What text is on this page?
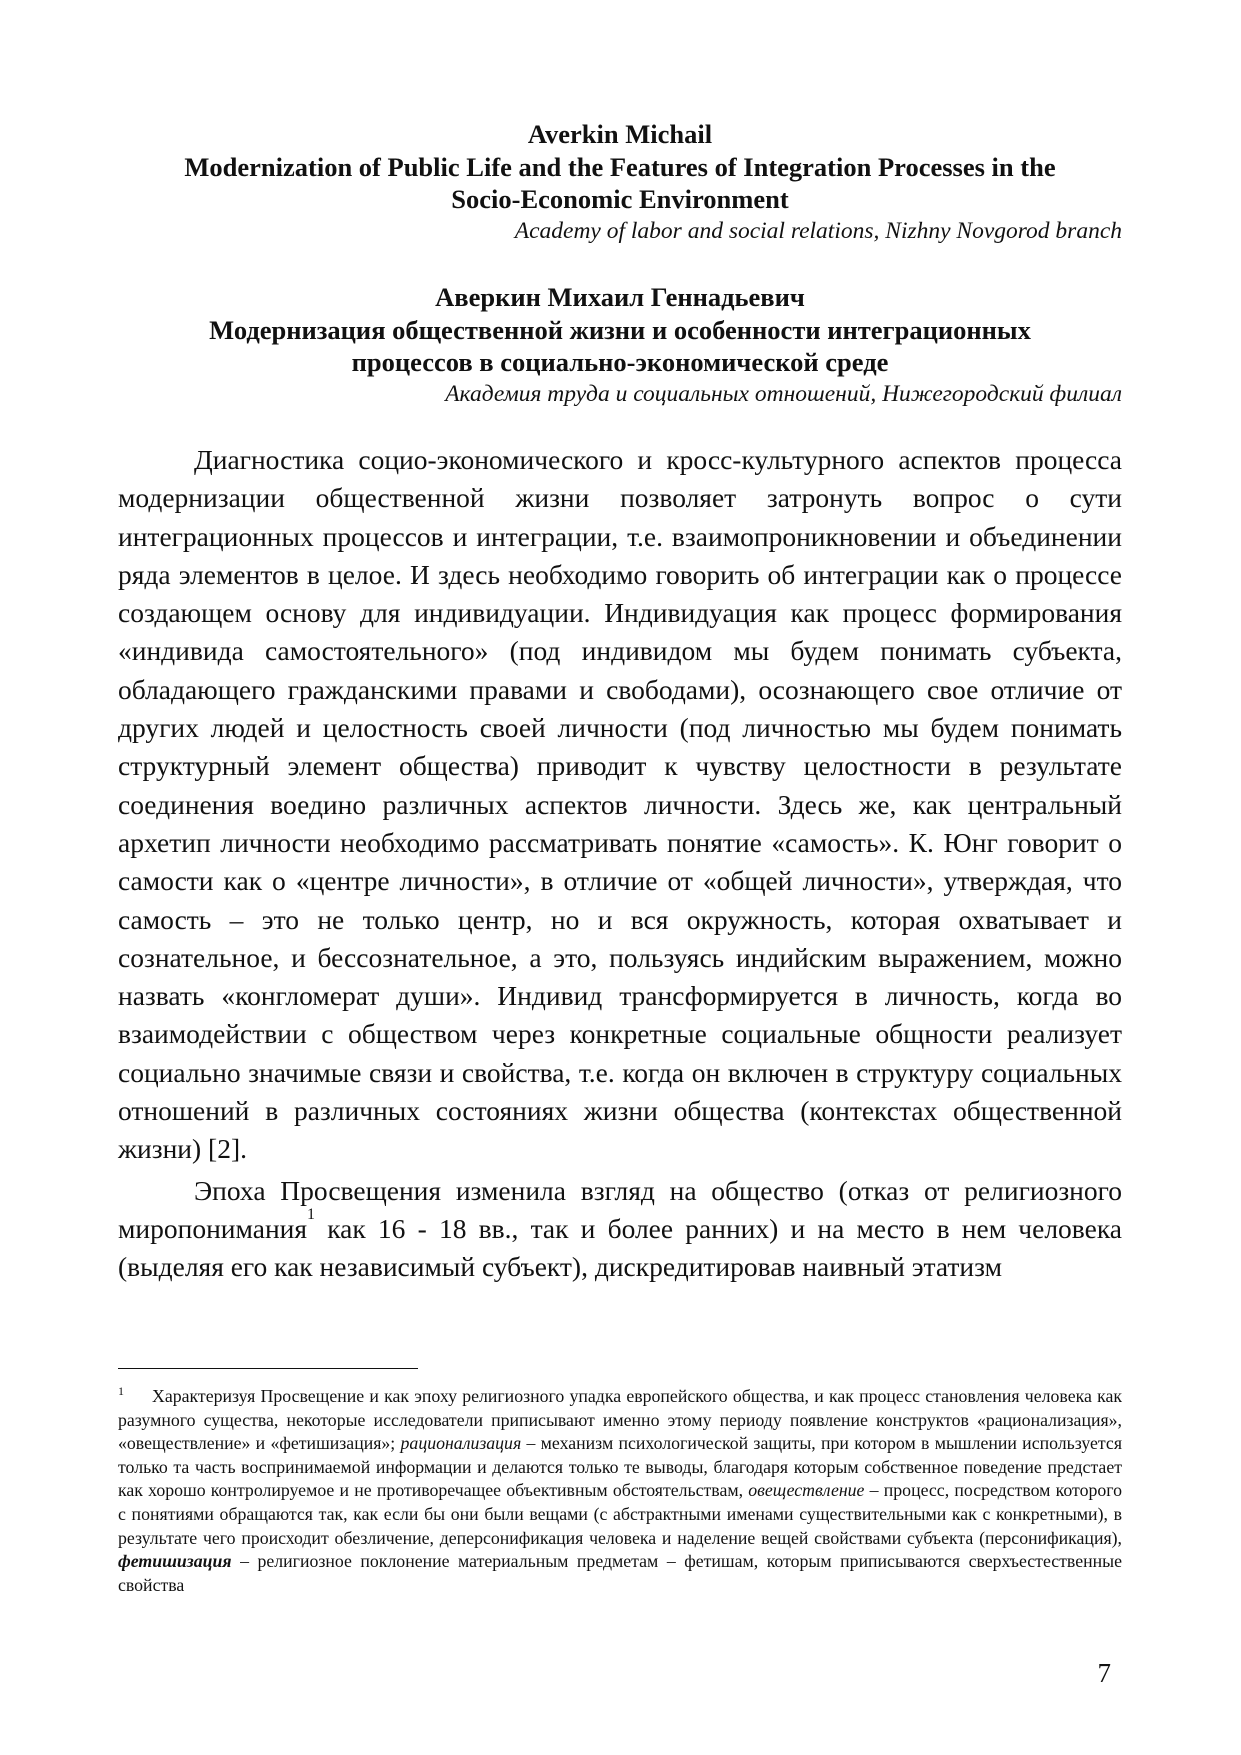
Averkin Michail

Modernization of Public Life and the Features of Integration Processes in the

Socio-Economic Environment

Academy of labor and social relations, Nizhny Novgorod branch

Аверкин Михаил Геннадьевич

Модернизация общественной жизни и особенности интеграционных

процессов в социально-экономической среде

Академия труда и социальных отношений, Нижегородский филиал

Диагностика социо-экономического и кросс-культурного аспектов процесса модернизации общественной жизни позволяет затронуть вопрос о сути интеграционных процессов и интеграции, т.е. взаимопроникновении и объединении ряда элементов в целое. И здесь необходимо говорить об интеграции как о процессе создающем основу для индивидуации. Индивидуация как процесс формирования «индивида самостоятельного» (под индивидом мы будем понимать субъекта, обладающего гражданскими правами и свободами), осознающего свое отличие от других людей и целостность своей личности (под личностью мы будем понимать структурный элемент общества) приводит к чувству целостности в результате соединения воедино различных аспектов личности. Здесь же, как центральный архетип личности необходимо рассматривать понятие «самость». К. Юнг говорит о самости как о «центре личности», в отличие от «общей личности», утверждая, что самость – это не только центр, но и вся окружность, которая охватывает и сознательное, и бессознательное, а это, пользуясь индийским выражением, можно назвать «конгломерат души». Индивид трансформируется в личность, когда во взаимодействии с обществом через конкретные социальные общности реализует социально значимые связи и свойства, т.е. когда он включен в структуру социальных отношений в различных состояниях жизни общества (контекстах общественной жизни) [2].

Эпоха Просвещения изменила взгляд на общество (отказ от религиозного миропонимания$^1$ как 16 - 18 вв., так и более ранних) и на место в нем человека (выделяя его как независимый субъект), дискредитировав наивный этатизм

$^1$ Характеризуя Просвещение и как эпоху религиозного упадка европейского общества, и как процесс становления человека как разумного существа, некоторые исследователи приписывают именно этому периоду появление конструктов «рационализация», «овеществление» и «фетишизация»; рационализация – механизм психологической защиты, при котором в мышлении используется только та часть воспринимаемой информации и делаются только те выводы, благодаря которым собственное поведение предстает как хорошо контролируемое и не противоречащее объективным обстоятельствам, овеществление – процесс, посредством которого с понятиями обращаются так, как если бы они были вещами (с абстрактными именами существительными как с конкретными), в результате чего происходит обезличение, деперсонификация человека и наделение вещей свойствами субъекта (персонификация), фетишизация – религиозное поклонение материальным предметам – фетишам, которым приписываются сверхъестественные свойства
7
